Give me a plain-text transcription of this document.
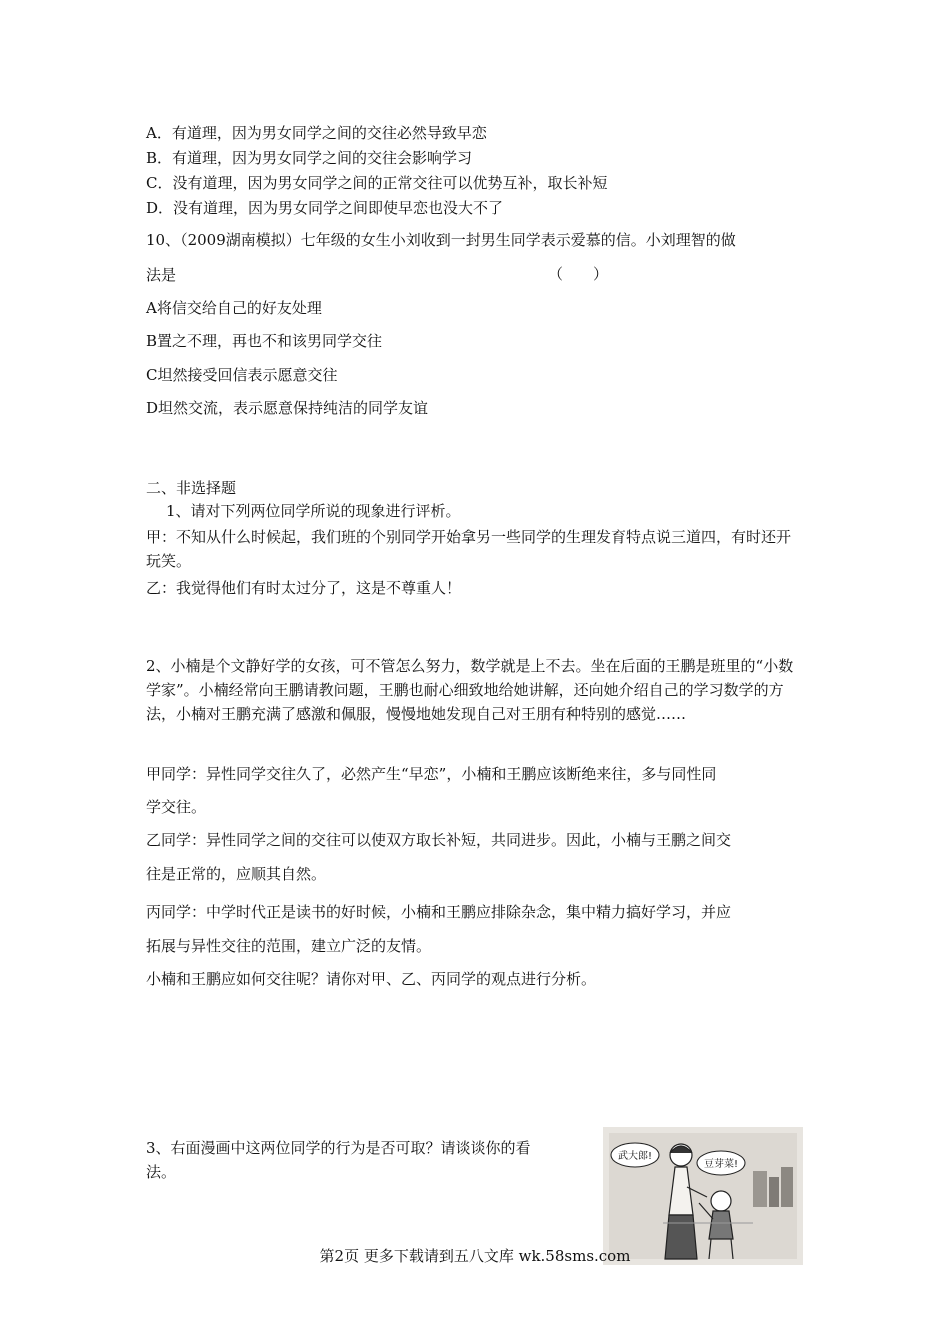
A．有道理，因为男女同学之间的交往必然导致早恋
B．有道理，因为男女同学之间的交往会影响学习
C．没有道理，因为男女同学之间的正常交往可以优势互补，取长补短
D．没有道理，因为男女同学之间即使早恋也没大不了
10、（2009湖南模拟）七年级的女生小刘收到一封男生同学表示爱慕的信。小刘理智的做
法是	（　　）
A将信交给自己的好友处理
B置之不理，再也不和该男同学交往
C坦然接受回信表示愿意交往
D坦然交流，表示愿意保持纯洁的同学友谊
二、非选择题
1、请对下列两位同学所说的现象进行评析。
甲：不知从什么时候起，我们班的个别同学开始拿另一些同学的生理发育特点说三道四，有时还开玩笑。
乙：我觉得他们有时太过分了，这是不尊重人！
2、小楠是个文静好学的女孩，可不管怎么努力，数学就是上不去。坐在后面的王鹏是班里的“小数学家”。小楠经常向王鹏请教问题，王鹏也耐心细致地给她讲解，还向她介绍自己的学习数学的方法，小楠对王鹏充满了感激和佩服，慢慢地她发现自己对王朋有种特别的感觉……
甲同学：异性同学交往久了，必然产生“早恋”，小楠和王鹏应该断绝来往，多与同性同
学交往。
乙同学：异性同学之间的交往可以使双方取长补短，共同进步。因此，小楠与王鹏之间交
往是正常的，应顺其自然。
丙同学：中学时代正是读书的好时候，小楠和王鹏应排除杂念，集中精力搞好学习，并应
拓展与异性交往的范围，建立广泛的友情。
小楠和王鹏应如何交往呢？请你对甲、乙、丙同学的观点进行分析。
3、右面漫画中这两位同学的行为是否可取？请谈谈你的看
法。
武大郎!
豆芽菜!
第2页 更多下载请到五八文库 wk.58sms.com
